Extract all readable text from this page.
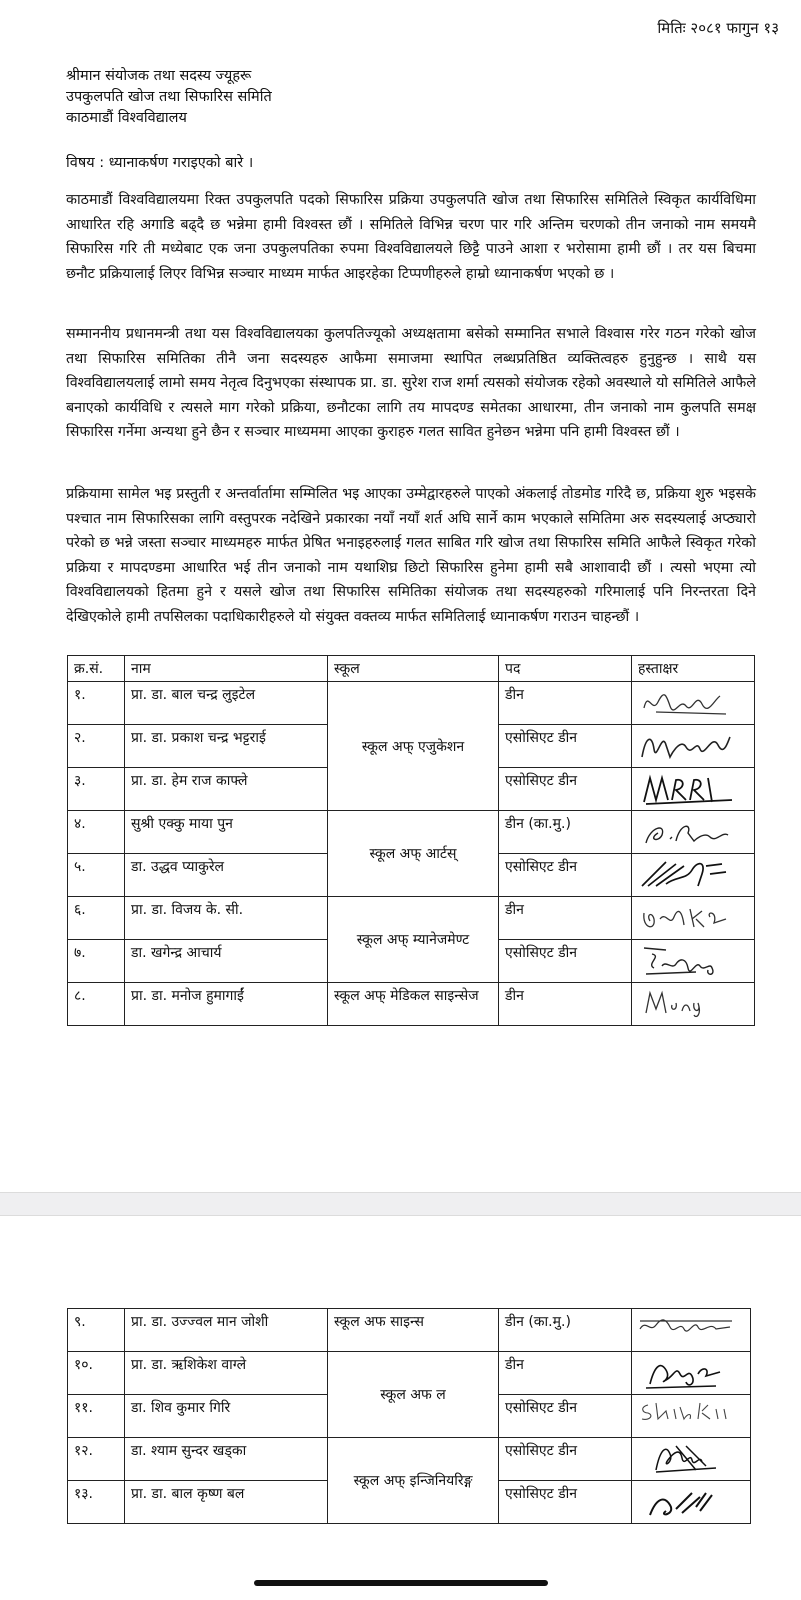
मितिः २०८१ फागुन १३
श्रीमान संयोजक तथा सदस्य ज्यूहरू
उपकुलपति खोज तथा सिफारिस समिति
काठमाडौं विश्वविद्यालय
विषय : ध्यानाकर्षण गराइएको बारे ।

काठमाडौं विश्वविद्यालयमा रिक्त उपकुलपति पदको सिफारिस प्रक्रिया उपकुलपति खोज तथा सिफारिस समितिले स्विकृत कार्यविधिमा आधारित रहि अगाडि बढ्दै छ भन्नेमा हामी विश्वस्त छौं । समितिले विभिन्न चरण पार गरि अन्तिम चरणको तीन जनाको नाम समयमै सिफारिस गरि ती मध्येबाट एक जना उपकुलपतिका रुपमा विश्वविद्यालयले छिट्टै पाउने आशा र भरोसामा हामी छौं । तर यस बिचमा छनौट प्रक्रियालाई लिएर विभिन्न सञ्चार माध्यम मार्फत आइरहेका टिप्पणीहरुले हाम्रो ध्यानाकर्षण भएको छ ।

सम्माननीय प्रधानमन्त्री तथा यस विश्वविद्यालयका कुलपतिज्यूको अध्यक्षतामा बसेको सम्मानित सभाले विश्वास गरेर गठन गरेको खोज तथा सिफारिस समितिका तीनै जना सदस्यहरु आफैमा समाजमा स्थापित लब्धप्रतिष्ठित व्यक्तित्वहरु हुनुहुन्छ । साथै यस विश्वविद्यालयलाई लामो समय नेतृत्व दिनुभएका संस्थापक प्रा. डा. सुरेश राज शर्मा त्यसको संयोजक रहेको अवस्थाले यो समितिले आफैले बनाएको कार्यविधि र त्यसले माग गरेको प्रक्रिया, छनौटका लागि तय मापदण्ड समेतका आधारमा, तीन जनाको नाम कुलपति समक्ष सिफारिस गर्नेमा अन्यथा हुने छैन र सञ्चार माध्यममा आएका कुराहरु गलत सावित हुनेछन भन्नेमा पनि हामी विश्वस्त छौं ।

प्रक्रियामा सामेल भइ प्रस्तुती र अन्तर्वार्तामा सम्मिलित भइ आएका उम्मेद्वारहरुले पाएको अंकलाई तोडमोड गरिदै छ, प्रक्रिया शुरु भइसके पश्चात नाम सिफारिसका लागि वस्तुपरक नदेखिने प्रकारका नयाँ नयाँ शर्त अघि सार्ने काम भएकाले समितिमा अरु सदस्यलाई अप्ठ्यारो परेको छ भन्ने जस्ता सञ्चार माध्यमहरु मार्फत प्रेषित भनाइहरुलाई गलत साबित गरि खोज तथा सिफारिस समिति आफैले स्विकृत गरेको प्रक्रिया र मापदण्डमा आधारित भई तीन जनाको नाम यथाशिघ्र छिटो सिफारिस हुनेमा हामी सबै आशावादी छौं । त्यसो भएमा त्यो विश्वविद्यालयको हितमा हुने र यसले खोज तथा सिफारिस समितिका संयोजक तथा सदस्यहरुको गरिमालाई पनि निरन्तरता दिने देखिएकोले हामी तपसिलका पदाधिकारीहरुले यो संयुक्त वक्तव्य मार्फत समितिलाई ध्यानाकर्षण गराउन चाहन्छौं ।

क्र.सं.	नाम	स्कूल	पद	हस्ताक्षर
१.	प्रा. डा. बाल चन्द्र लुइटेल	स्कूल अफ् एजुकेशन	डीन	

२.	प्रा. डा. प्रकाश चन्द्र भट्टराई		एसोसिएट डीन	

३.	प्रा. डा. हेम राज काफ्ले		एसोसिएट डीन	

४.	सुश्री एक्कु माया पुन	स्कूल अफ् आर्टस्	डीन (का.मु.)	

५.	डा. उद्धव प्याकुरेल		एसोसिएट डीन	

६.	प्रा. डा. विजय के. सी.	स्कूल अफ् म्यानेजमेण्ट	डीन	

७.	डा. खगेन्द्र आचार्य		एसोसिएट डीन	

८.	प्रा. डा. मनोज हुमागाईं	स्कूल अफ् मेडिकल साइन्सेज	डीन	
९.	प्रा. डा. उज्ज्वल मान जोशी	स्कूल अफ साइन्स	डीन (का.मु.)	

१०.	प्रा. डा. ऋशिकेश वाग्ले	स्कूल अफ ल	डीन	

११.	डा. शिव कुमार गिरि		एसोसिएट डीन	

१२.	डा. श्याम सुन्दर खड्का	स्कूल अफ् इन्जिनियरिङ्ग	एसोसिएट डीन	

१३.	प्रा. डा. बाल कृष्ण बल		एसोसिएट डीन	
